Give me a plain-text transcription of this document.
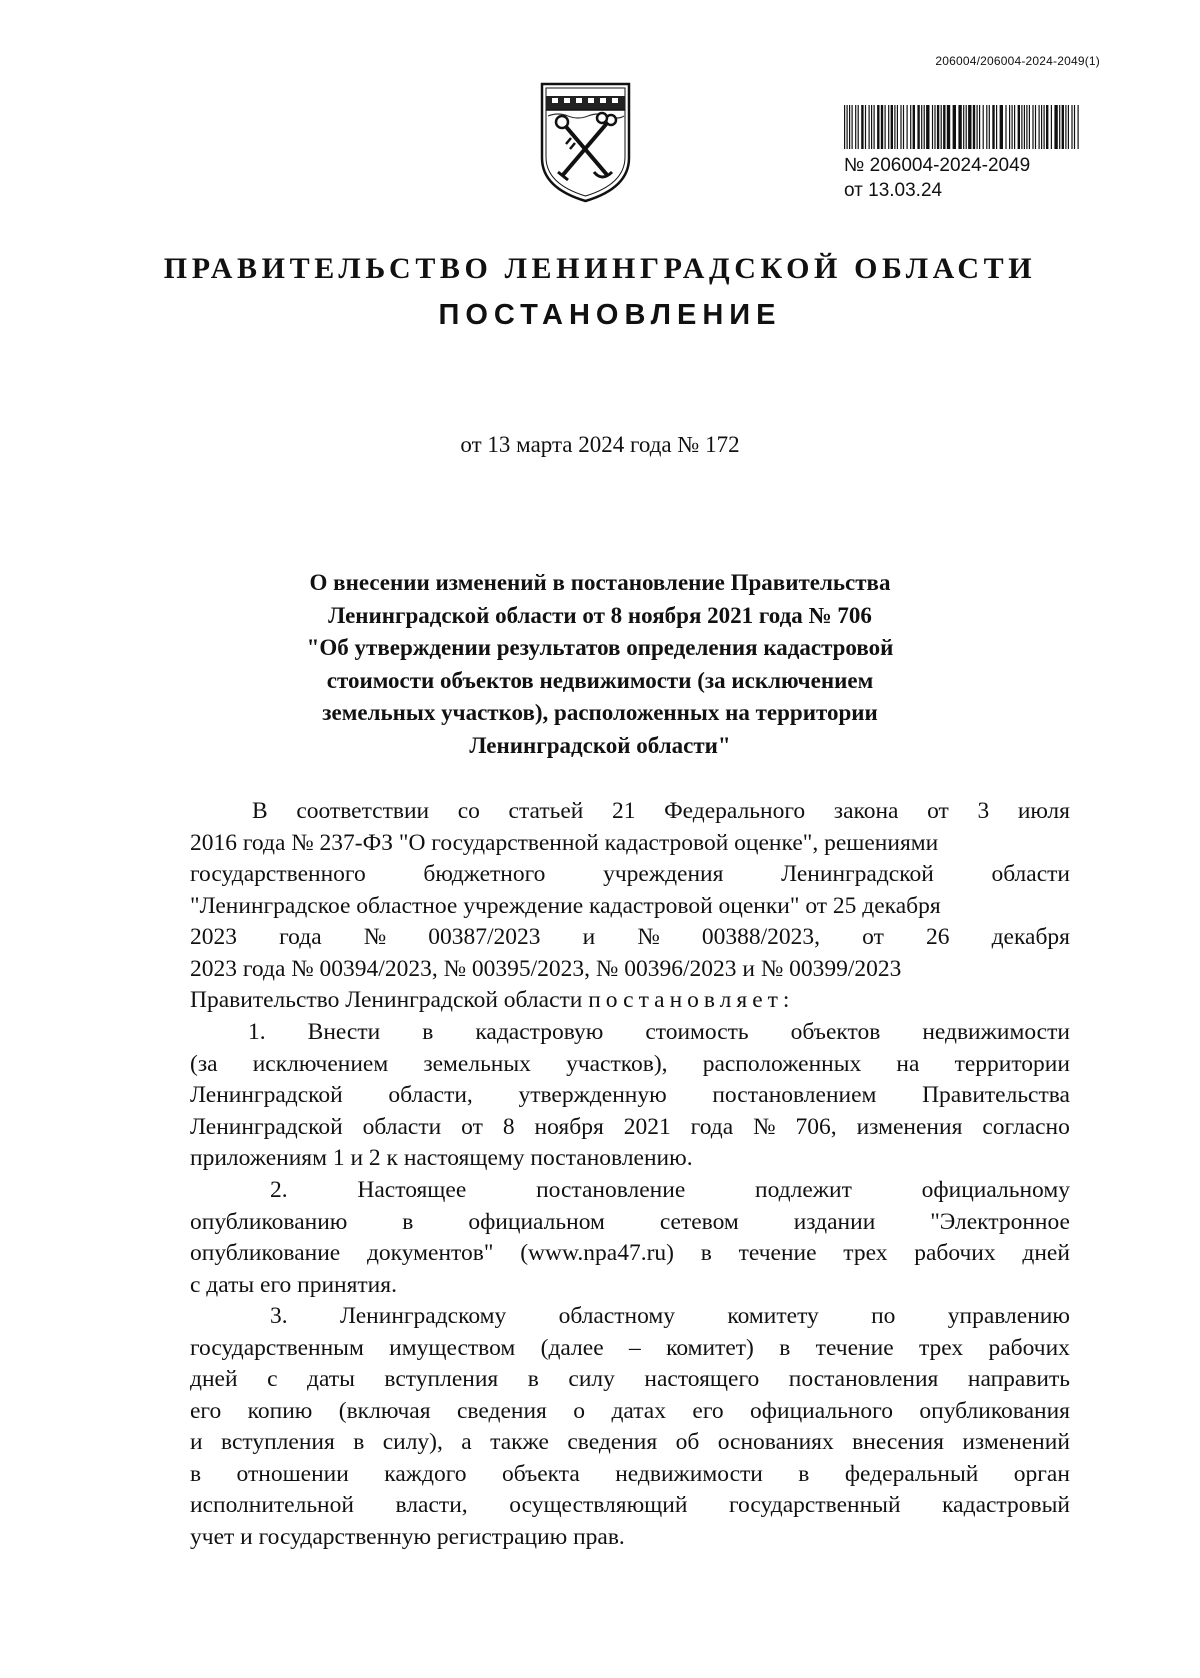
206004/206004-2024-2049(1)
№ 206004-2024-2049
от 13.03.24
ПРАВИТЕЛЬСТВО ЛЕНИНГРАДСКОЙ ОБЛАСТИ
ПОСТАНОВЛЕНИЕ
от 13 марта 2024 года № 172
О внесении изменений в постановление Правительства
Ленинградской области от 8 ноября 2021 года № 706
"Об утверждении результатов определения кадастровой
стоимости объектов недвижимости (за исключением
земельных участков), расположенных на территории
Ленинградской области"
В соответствии со статьей 21 Федерального закона от 3 июля
2016 года № 237-ФЗ "О государственной кадастровой оценке", решениями
государственного бюджетного учреждения Ленинградской области
"Ленинградское областное учреждение кадастровой оценки" от 25 декабря
2023 года № 00387/2023 и № 00388/2023, от 26 декабря
2023 года № 00394/2023, № 00395/2023, № 00396/2023 и № 00399/2023
Правительство Ленинградской области постановляет:
1. Внести в кадастровую стоимость объектов недвижимости
(за исключением земельных участков), расположенных на территории
Ленинградской области, утвержденную постановлением Правительства
Ленинградской области от 8 ноября 2021 года № 706, изменения согласно
приложениям 1 и 2 к настоящему постановлению.
2.	Настоящее	постановление	подлежит	официальному
опубликованию в официальном сетевом издании "Электронное
опубликование документов" (www.npa47.ru) в течение трех рабочих дней
с даты его принятия.
3. Ленинградскому областному комитету по управлению
государственным имуществом (далее – комитет) в течение трех рабочих
дней с даты вступления в силу настоящего постановления направить
его копию (включая сведения о датах его официального опубликования
и вступления в силу), а также сведения об основаниях внесения изменений
в отношении каждого объекта недвижимости в федеральный орган
исполнительной власти, осуществляющий государственный кадастровый
учет и государственную регистрацию прав.
